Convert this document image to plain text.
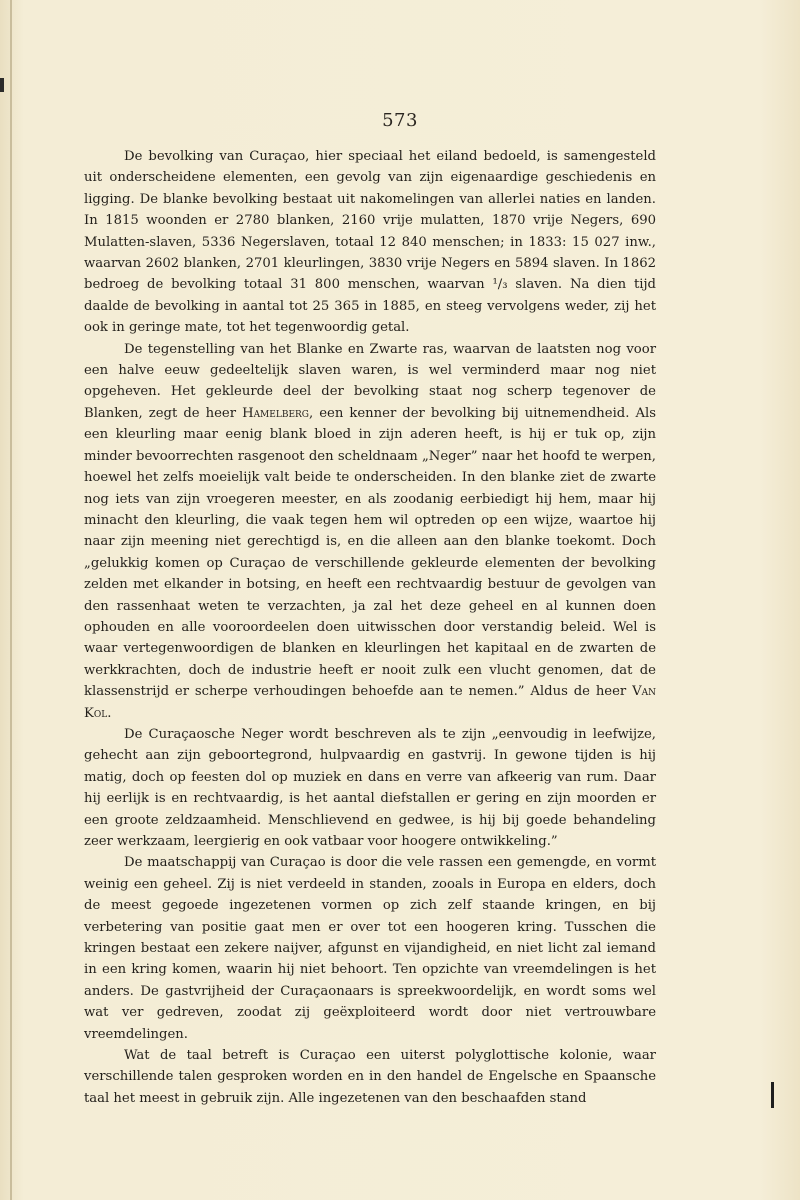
573

De bevolking van Curaçao, hier speciaal het eiland bedoeld, is samengesteld uit onderscheidene elementen, een gevolg van zijn eigenaardige geschiedenis en ligging. De blanke bevolking bestaat uit nakomelingen van allerlei naties en landen. In 1815 woonden er 2780 blanken, 2160 vrije mulatten, 1870 vrije Negers, 690 Mulatten-slaven, 5336 Negerslaven, totaal 12 840 menschen; in 1833: 15 027 inw., waarvan 2602 blanken, 2701 kleurlingen, 3830 vrije Negers en 5894 slaven. In 1862 bedroeg de bevolking totaal 31 800 menschen, waarvan ¹/₃ slaven. Na dien tijd daalde de bevolking in aantal tot 25 365 in 1885, en steeg vervolgens weder, zij het ook in geringe mate, tot het tegenwoordig getal.

De tegenstelling van het Blanke en Zwarte ras, waarvan de laatsten nog voor een halve eeuw gedeeltelijk slaven waren, is wel verminderd maar nog niet opgeheven. Het gekleurde deel der bevolking staat nog scherp tegenover de Blanken, zegt de heer Hamelberg, een kenner der bevolking bij uitnemendheid. Als een kleurling maar eenig blank bloed in zijn aderen heeft, is hij er tuk op, zijn minder bevoorrechten rasgenoot den scheldnaam „Neger” naar het hoofd te werpen, hoewel het zelfs moeielijk valt beide te onderscheiden. In den blanke ziet de zwarte nog iets van zijn vroegeren meester, en als zoodanig eerbiedigt hij hem, maar hij minacht den kleurling, die vaak tegen hem wil optreden op een wijze, waartoe hij naar zijn meening niet gerechtigd is, en die alleen aan den blanke toekomt. Doch „gelukkig komen op Curaçao de verschillende gekleurde elementen der bevolking zelden met elkander in botsing, en heeft een rechtvaardig bestuur de gevolgen van den rassenhaat weten te verzachten, ja zal het deze geheel en al kunnen doen ophouden en alle vooroordeelen doen uitwisschen door verstandig beleid. Wel is waar vertegenwoordigen de blanken en kleurlingen het kapitaal en de zwarten de werkkrachten, doch de industrie heeft er nooit zulk een vlucht genomen, dat de klassenstrijd er scherpe verhoudingen behoefde aan te nemen.” Aldus de heer Van Kol.

De Curaçaosche Neger wordt beschreven als te zijn „eenvoudig in leefwijze, gehecht aan zijn geboortegrond, hulpvaardig en gastvrij. In gewone tijden is hij matig, doch op feesten dol op muziek en dans en verre van afkeerig van rum. Daar hij eerlijk is en rechtvaardig, is het aantal diefstallen er gering en zijn moorden er een groote zeldzaamheid. Menschlievend en gedwee, is hij bij goede behandeling zeer werkzaam, leergierig en ook vatbaar voor hoogere ontwikkeling.”

De maatschappij van Curaçao is door die vele rassen een gemengde, en vormt weinig een geheel. Zij is niet verdeeld in standen, zooals in Europa en elders, doch de meest gegoede ingezetenen vormen op zich zelf staande kringen, en bij verbetering van positie gaat men er over tot een hoogeren kring. Tusschen die kringen bestaat een zekere naijver, afgunst en vijandigheid, en niet licht zal iemand in een kring komen, waarin hij niet behoort. Ten opzichte van vreemdelingen is het anders. De gastvrijheid der Curaçaonaars is spreekwoordelijk, en wordt soms wel wat ver gedreven, zoodat zij geëxploiteerd wordt door niet vertrouwbare vreemdelingen.

Wat de taal betreft is Curaçao een uiterst polyglottische kolonie, waar verschillende talen gesproken worden en in den handel de Engelsche en Spaansche taal het meest in gebruik zijn. Alle ingezetenen van den beschaafden stand
